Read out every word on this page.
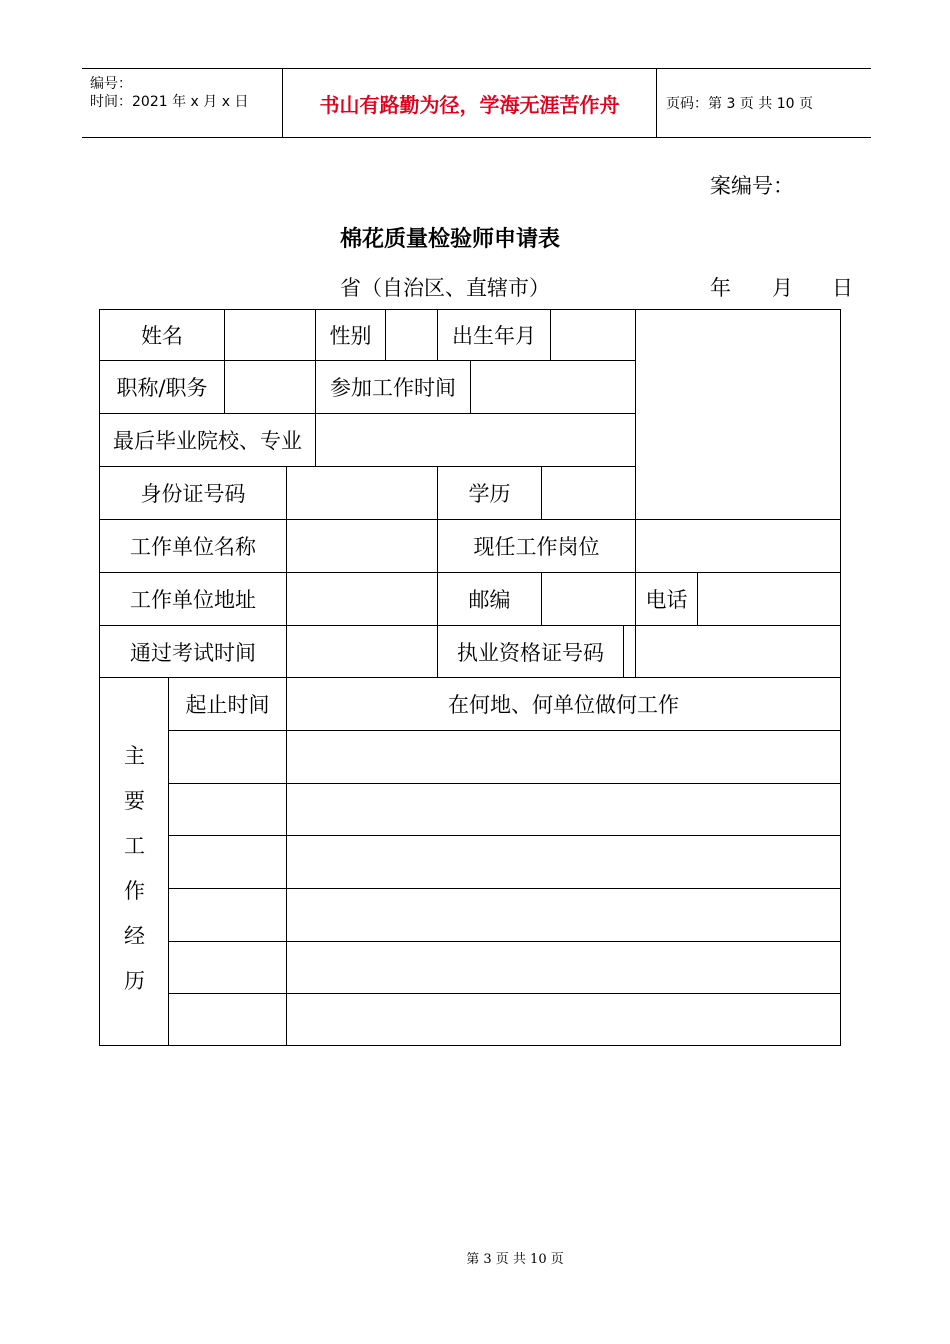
编号：
时间：2021 年 x 月 x 日	书山有路勤为径，学海无涯苦作舟	页码：第 3 页 共 10 页
案编号：
棉花质量检验师申请表
省（自治区、直辖市）	年 月 日
姓名	性别	出生年月
职称/职务	参加工作时间
最后毕业院校、专业
身份证号码	学历
工作单位名称	现任工作岗位
工作单位地址	邮编	电话
通过考试时间	执业资格证号码
起止时间	在何地、何单位做何工作
主
要
工
作
经
历
第 3 页 共 10 页
